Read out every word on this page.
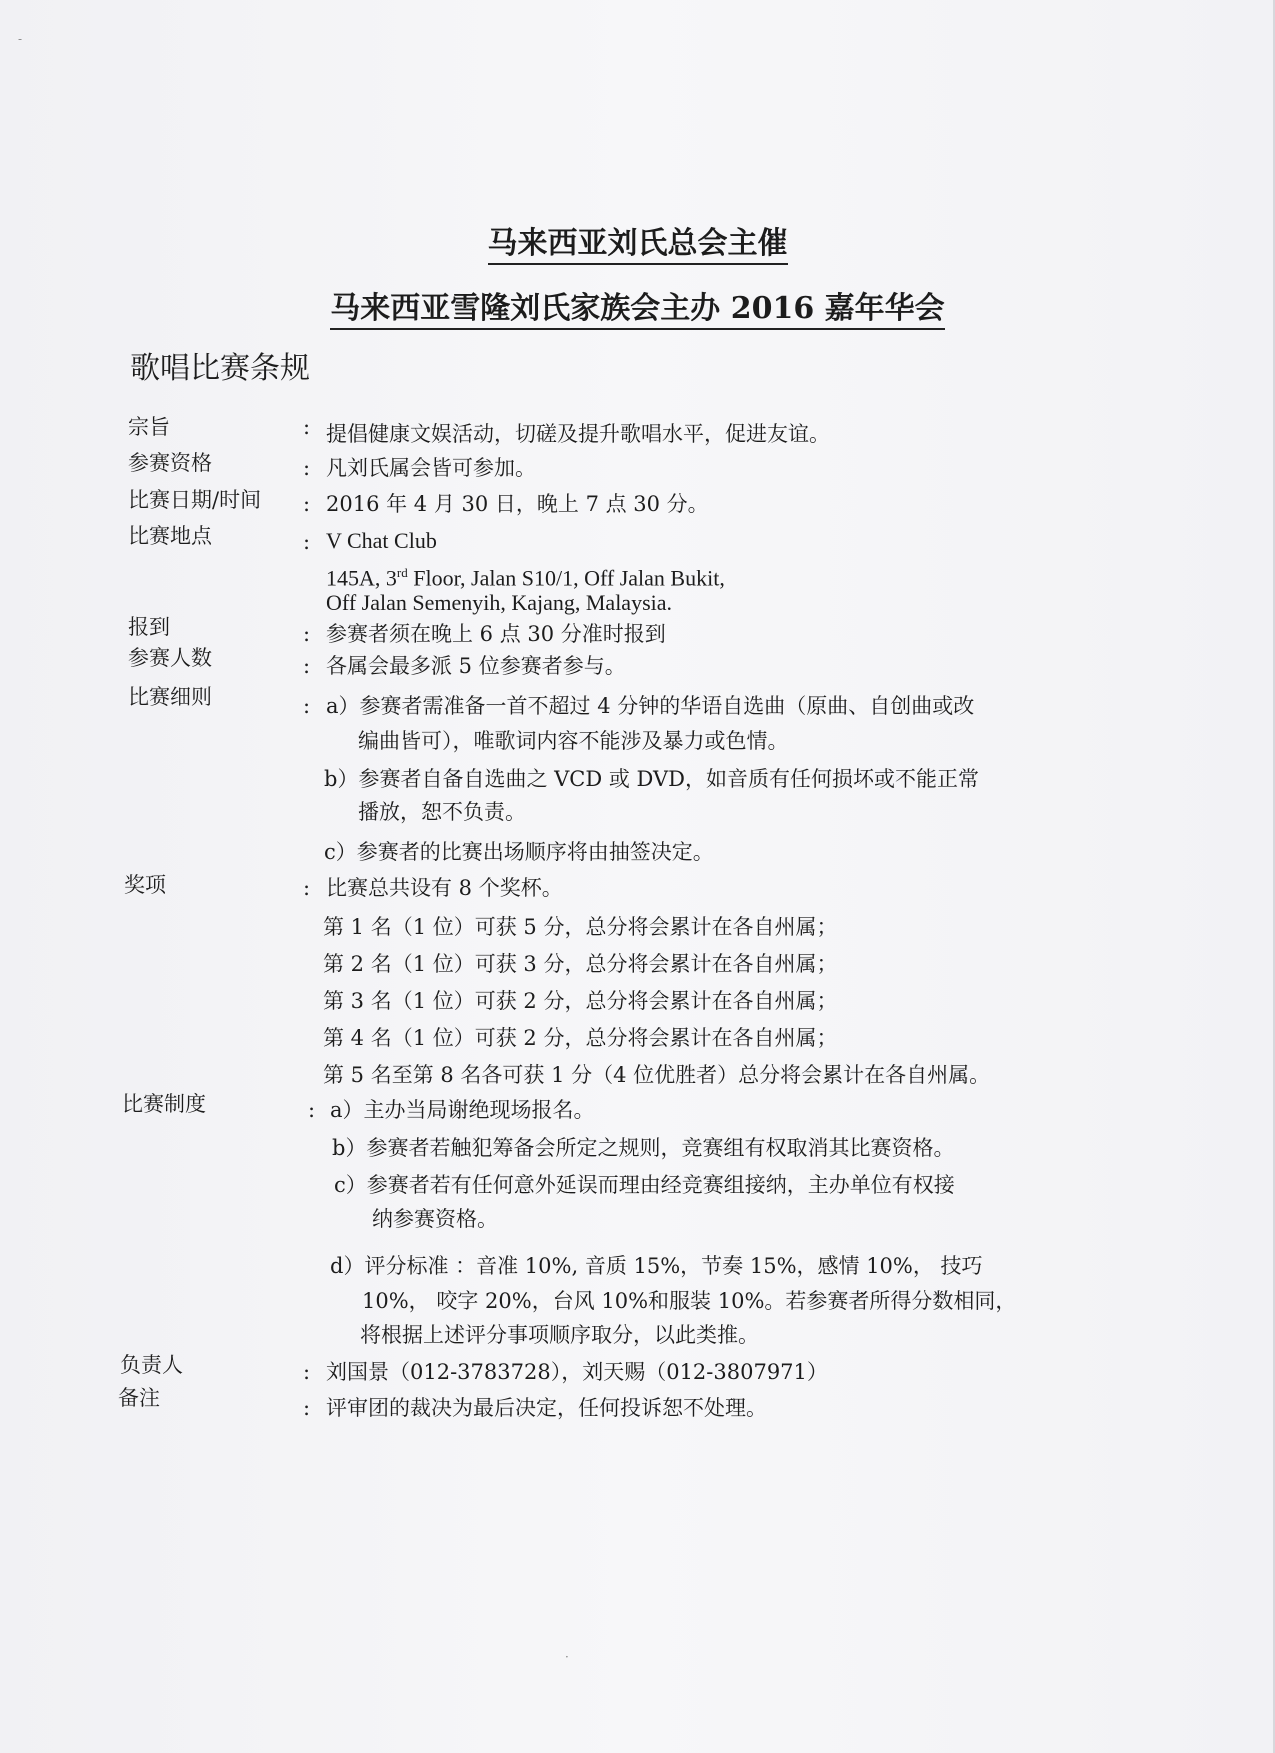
-
·
马来西亚刘氏总会主催
马来西亚雪隆刘氏家族会主办 2016 嘉年华会
歌唱比赛条规
宗旨	: 提倡健康文娱活动，切磋及提升歌唱水平，促进友谊。
参赛资格	: 凡刘氏属会皆可参加。
比赛日期/时间 : 2016 年 4 月 30 日，晚上 7 点 30 分。
比赛地点	: V Chat Club
145A, 3rd Floor, Jalan S10/1, Off Jalan Bukit,
Off Jalan Semenyih, Kajang, Malaysia.
报到	: 参赛者须在晚上 6 点 30 分准时报到
参赛人数	: 各属会最多派 5 位参赛者参与。
比赛细则	: a）参赛者需准备一首不超过 4 分钟的华语自选曲（原曲、自创曲或改
编曲皆可），唯歌词内容不能涉及暴力或色情。
b）参赛者自备自选曲之 VCD 或 DVD，如音质有任何损坏或不能正常
播放，恕不负责。
c）参赛者的比赛出场顺序将由抽签决定。
奖项	: 比赛总共设有 8 个奖杯。
第 1 名（1 位）可获 5 分，总分将会累计在各自州属；
第 2 名（1 位）可获 3 分，总分将会累计在各自州属；
第 3 名（1 位）可获 2 分，总分将会累计在各自州属；
第 4 名（1 位）可获 2 分，总分将会累计在各自州属；
第 5 名至第 8 名各可获 1 分（4 位优胜者）总分将会累计在各自州属。
比赛制度	: a）主办当局谢绝现场报名。
b）参赛者若触犯筹备会所定之规则，竞赛组有权取消其比赛资格。
c）参赛者若有任何意外延误而理由经竞赛组接纳，主办单位有权接
纳参赛资格。
d）评分标准 ：音准 10%, 音质 15%，节奏 15%，感情 10%， 技巧
10%， 咬字 20%，台风 10%和服装 10%。若参赛者所得分数相同，
将根据上述评分事项顺序取分，以此类推。
负责人	: 刘国景（012-3783728），刘天赐（012-3807971）
备注	: 评审团的裁决为最后决定，任何投诉恕不处理。
